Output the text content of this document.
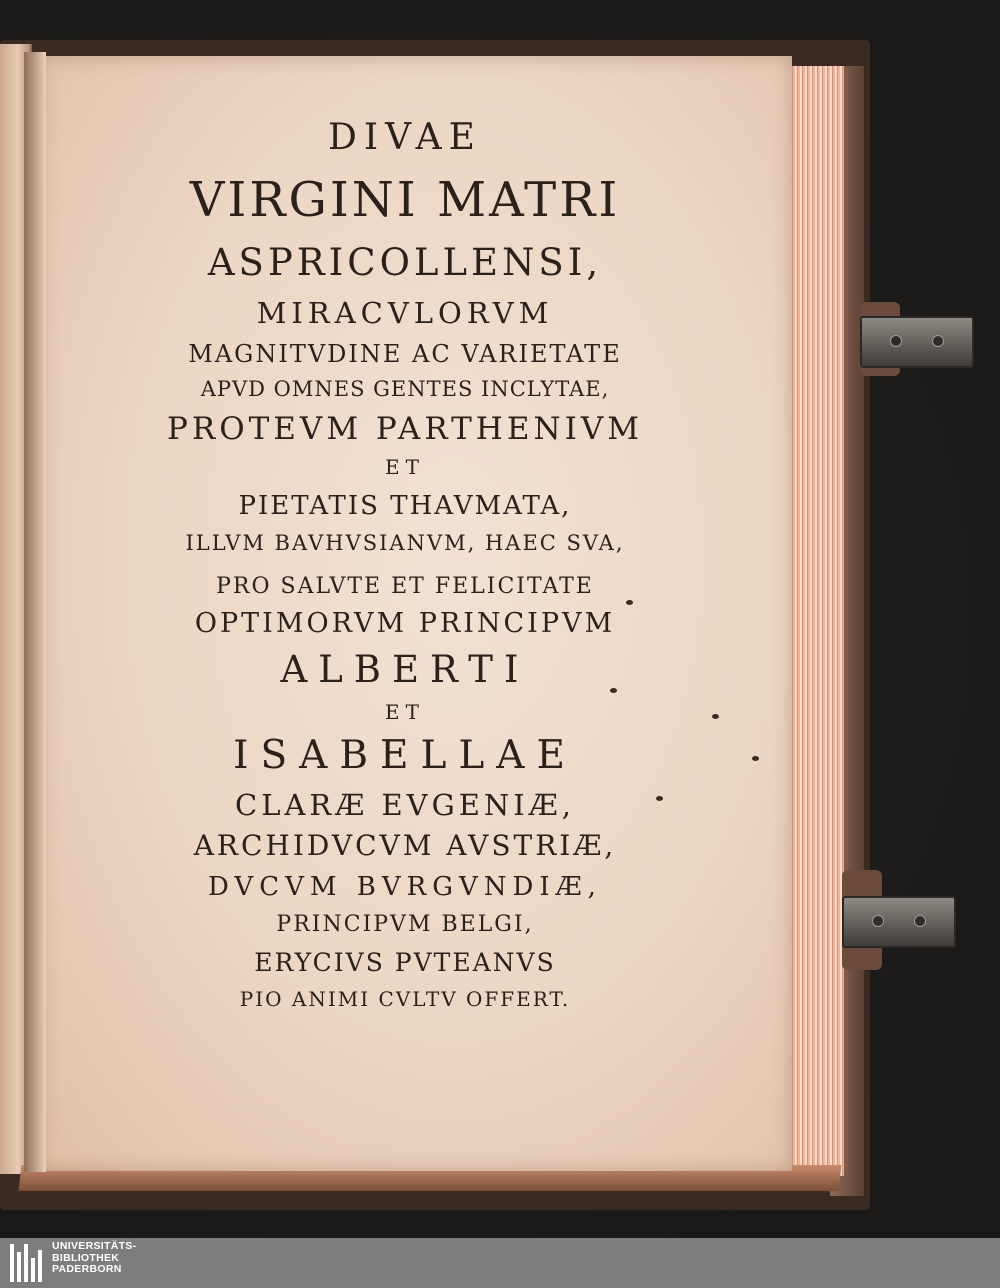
DIVAE
VIRGINI MATRI
ASPRICOLLENSI,
MIRACVLORVM
MAGNITVDINE AC VARIETATE
APVD OMNES GENTES INCLYTAE,
PROTEVM PARTHENIVM
ET
PIETATIS THAVMATA,
ILLVM BAVHVSIANVM, HAEC SVA,
PRO SALVTE ET FELICITATE
OPTIMORVM PRINCIPVM
ALBERTI
ET
ISABELLAE
CLARÆ EVGENIÆ,
ARCHIDVCVM AVSTRIÆ,
DVCVM BVRGVNDIÆ,
PRINCIPVM BELGI,
ERYCIVS PVTEANVS
PIO ANIMI CVLTV OFFERT.
UNIVERSITÄTS-
BIBLIOTHEK
PADERBORN
